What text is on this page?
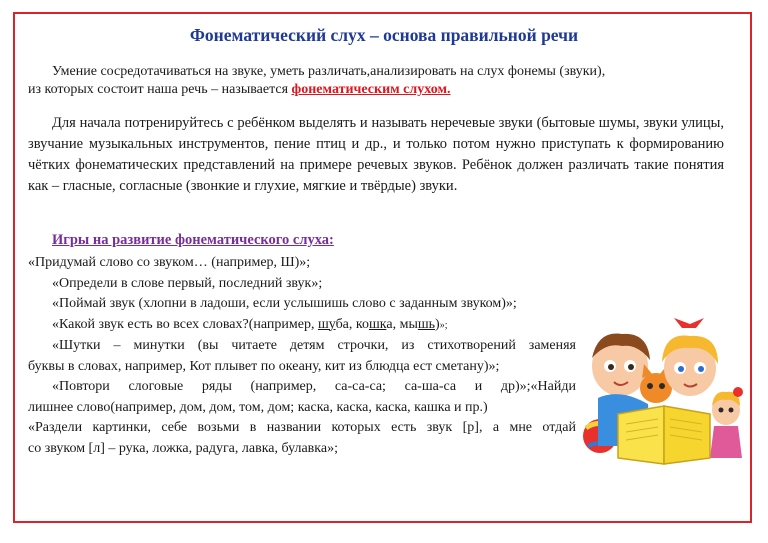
Фонематический слух – основа правильной речи
Умение сосредотачиваться на звуке, уметь различать,анализировать на слух фонемы (звуки),
из которых состоит наша речь – называется фонематическим слухом.
Для начала потренируйтесь с ребёнком выделять и называть неречевые звуки (бытовые шумы, звуки улицы, звучание музыкальных инструментов, пение птиц и др., и только потом нужно приступать к формированию чётких фонематических представлений на примере речевых звуков. Ребёнок должен различать такие понятия как – гласные, согласные (звонкие и глухие, мягкие и твёрдые) звуки.
Игры на развитие фонематического слуха:
«Придумай слово со звуком… (например, Ш)»;
«Определи в слове первый, последний звук»;
«Поймай звук (хлопни в ладоши, если услышишь слово с заданным звуком)»;
«Какой звук есть во всех словах?(например, шуба, кошка, мышь)»;
«Шутки – минутки (вы читаете детям строчки, из стихотворений заменяя
буквы в словах, например, Кот плывет по океану, кит из блюдца ест сметану)»;
«Повтори слоговые ряды (например, са-са-са; са-ша-са и др)»;«Найди
лишнее слово(например, дом, дом, том, дом; каска, каска, каска, кашка и пр.)
«Раздели картинки, себе возьми в названии которых есть звук [р], а мне отдай
со звуком [л] – рука, ложка, радуга, лавка, булавка»;
